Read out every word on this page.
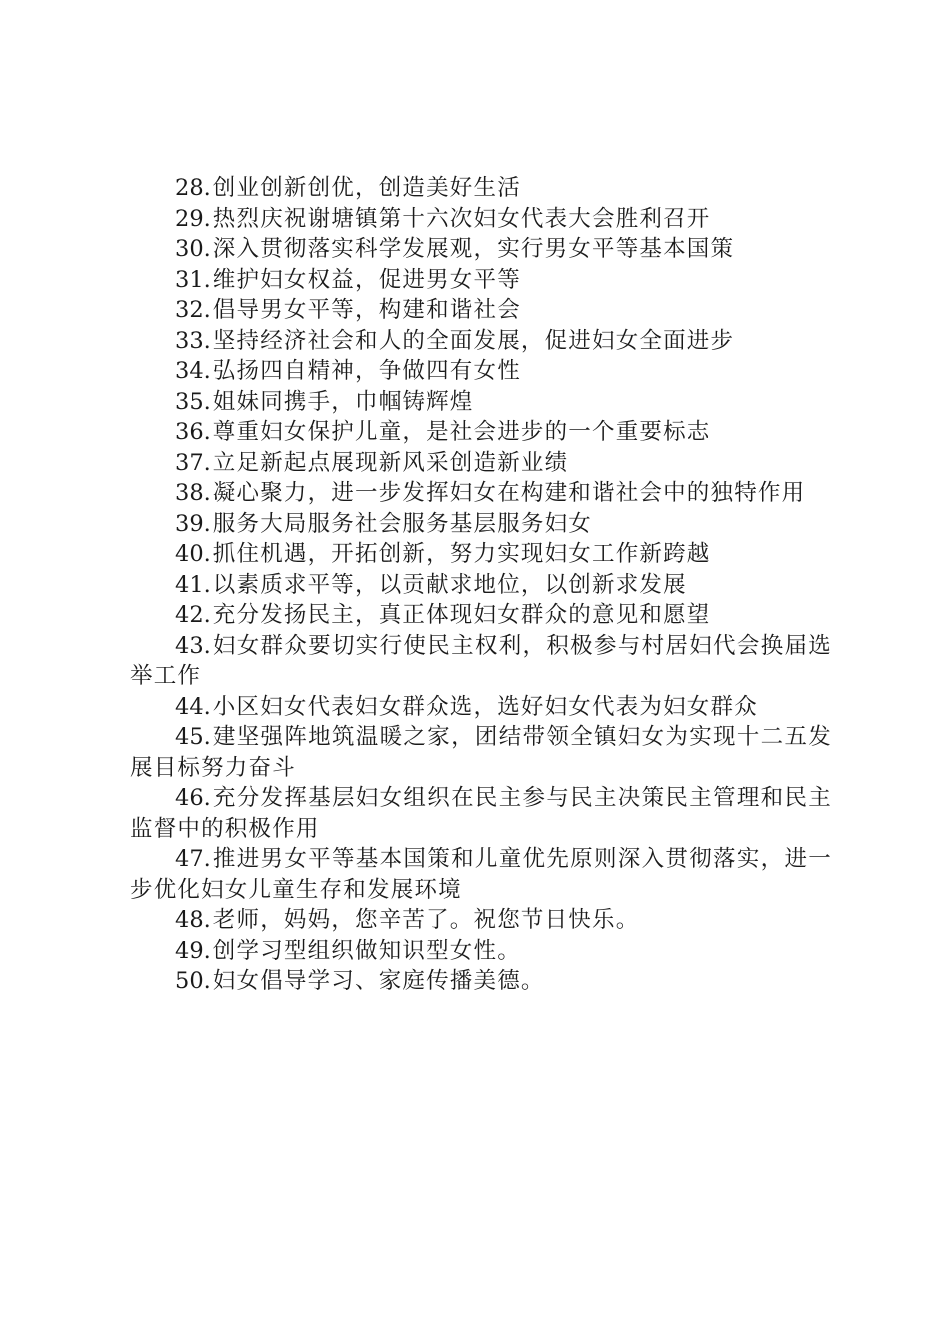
28.创业创新创优，创造美好生活

29.热烈庆祝谢塘镇第十六次妇女代表大会胜利召开

30.深入贯彻落实科学发展观，实行男女平等基本国策

31.维护妇女权益，促进男女平等

32.倡导男女平等，构建和谐社会

33.坚持经济社会和人的全面发展，促进妇女全面进步

34.弘扬四自精神，争做四有女性

35.姐妹同携手，巾帼铸辉煌

36.尊重妇女保护儿童，是社会进步的一个重要标志

37.立足新起点展现新风采创造新业绩

38.凝心聚力，进一步发挥妇女在构建和谐社会中的独特作用

39.服务大局服务社会服务基层服务妇女

40.抓住机遇，开拓创新，努力实现妇女工作新跨越

41.以素质求平等，以贡献求地位，以创新求发展

42.充分发扬民主，真正体现妇女群众的意见和愿望

43.妇女群众要切实行使民主权利，积极参与村居妇代会换届选举工作

44.小区妇女代表妇女群众选，选好妇女代表为妇女群众

45.建坚强阵地筑温暖之家，团结带领全镇妇女为实现十二五发展目标努力奋斗

46.充分发挥基层妇女组织在民主参与民主决策民主管理和民主监督中的积极作用

47.推进男女平等基本国策和儿童优先原则深入贯彻落实，进一步优化妇女儿童生存和发展环境

48.老师，妈妈，您辛苦了。祝您节日快乐。

49.创学习型组织做知识型女性。

50.妇女倡导学习、家庭传播美德。
